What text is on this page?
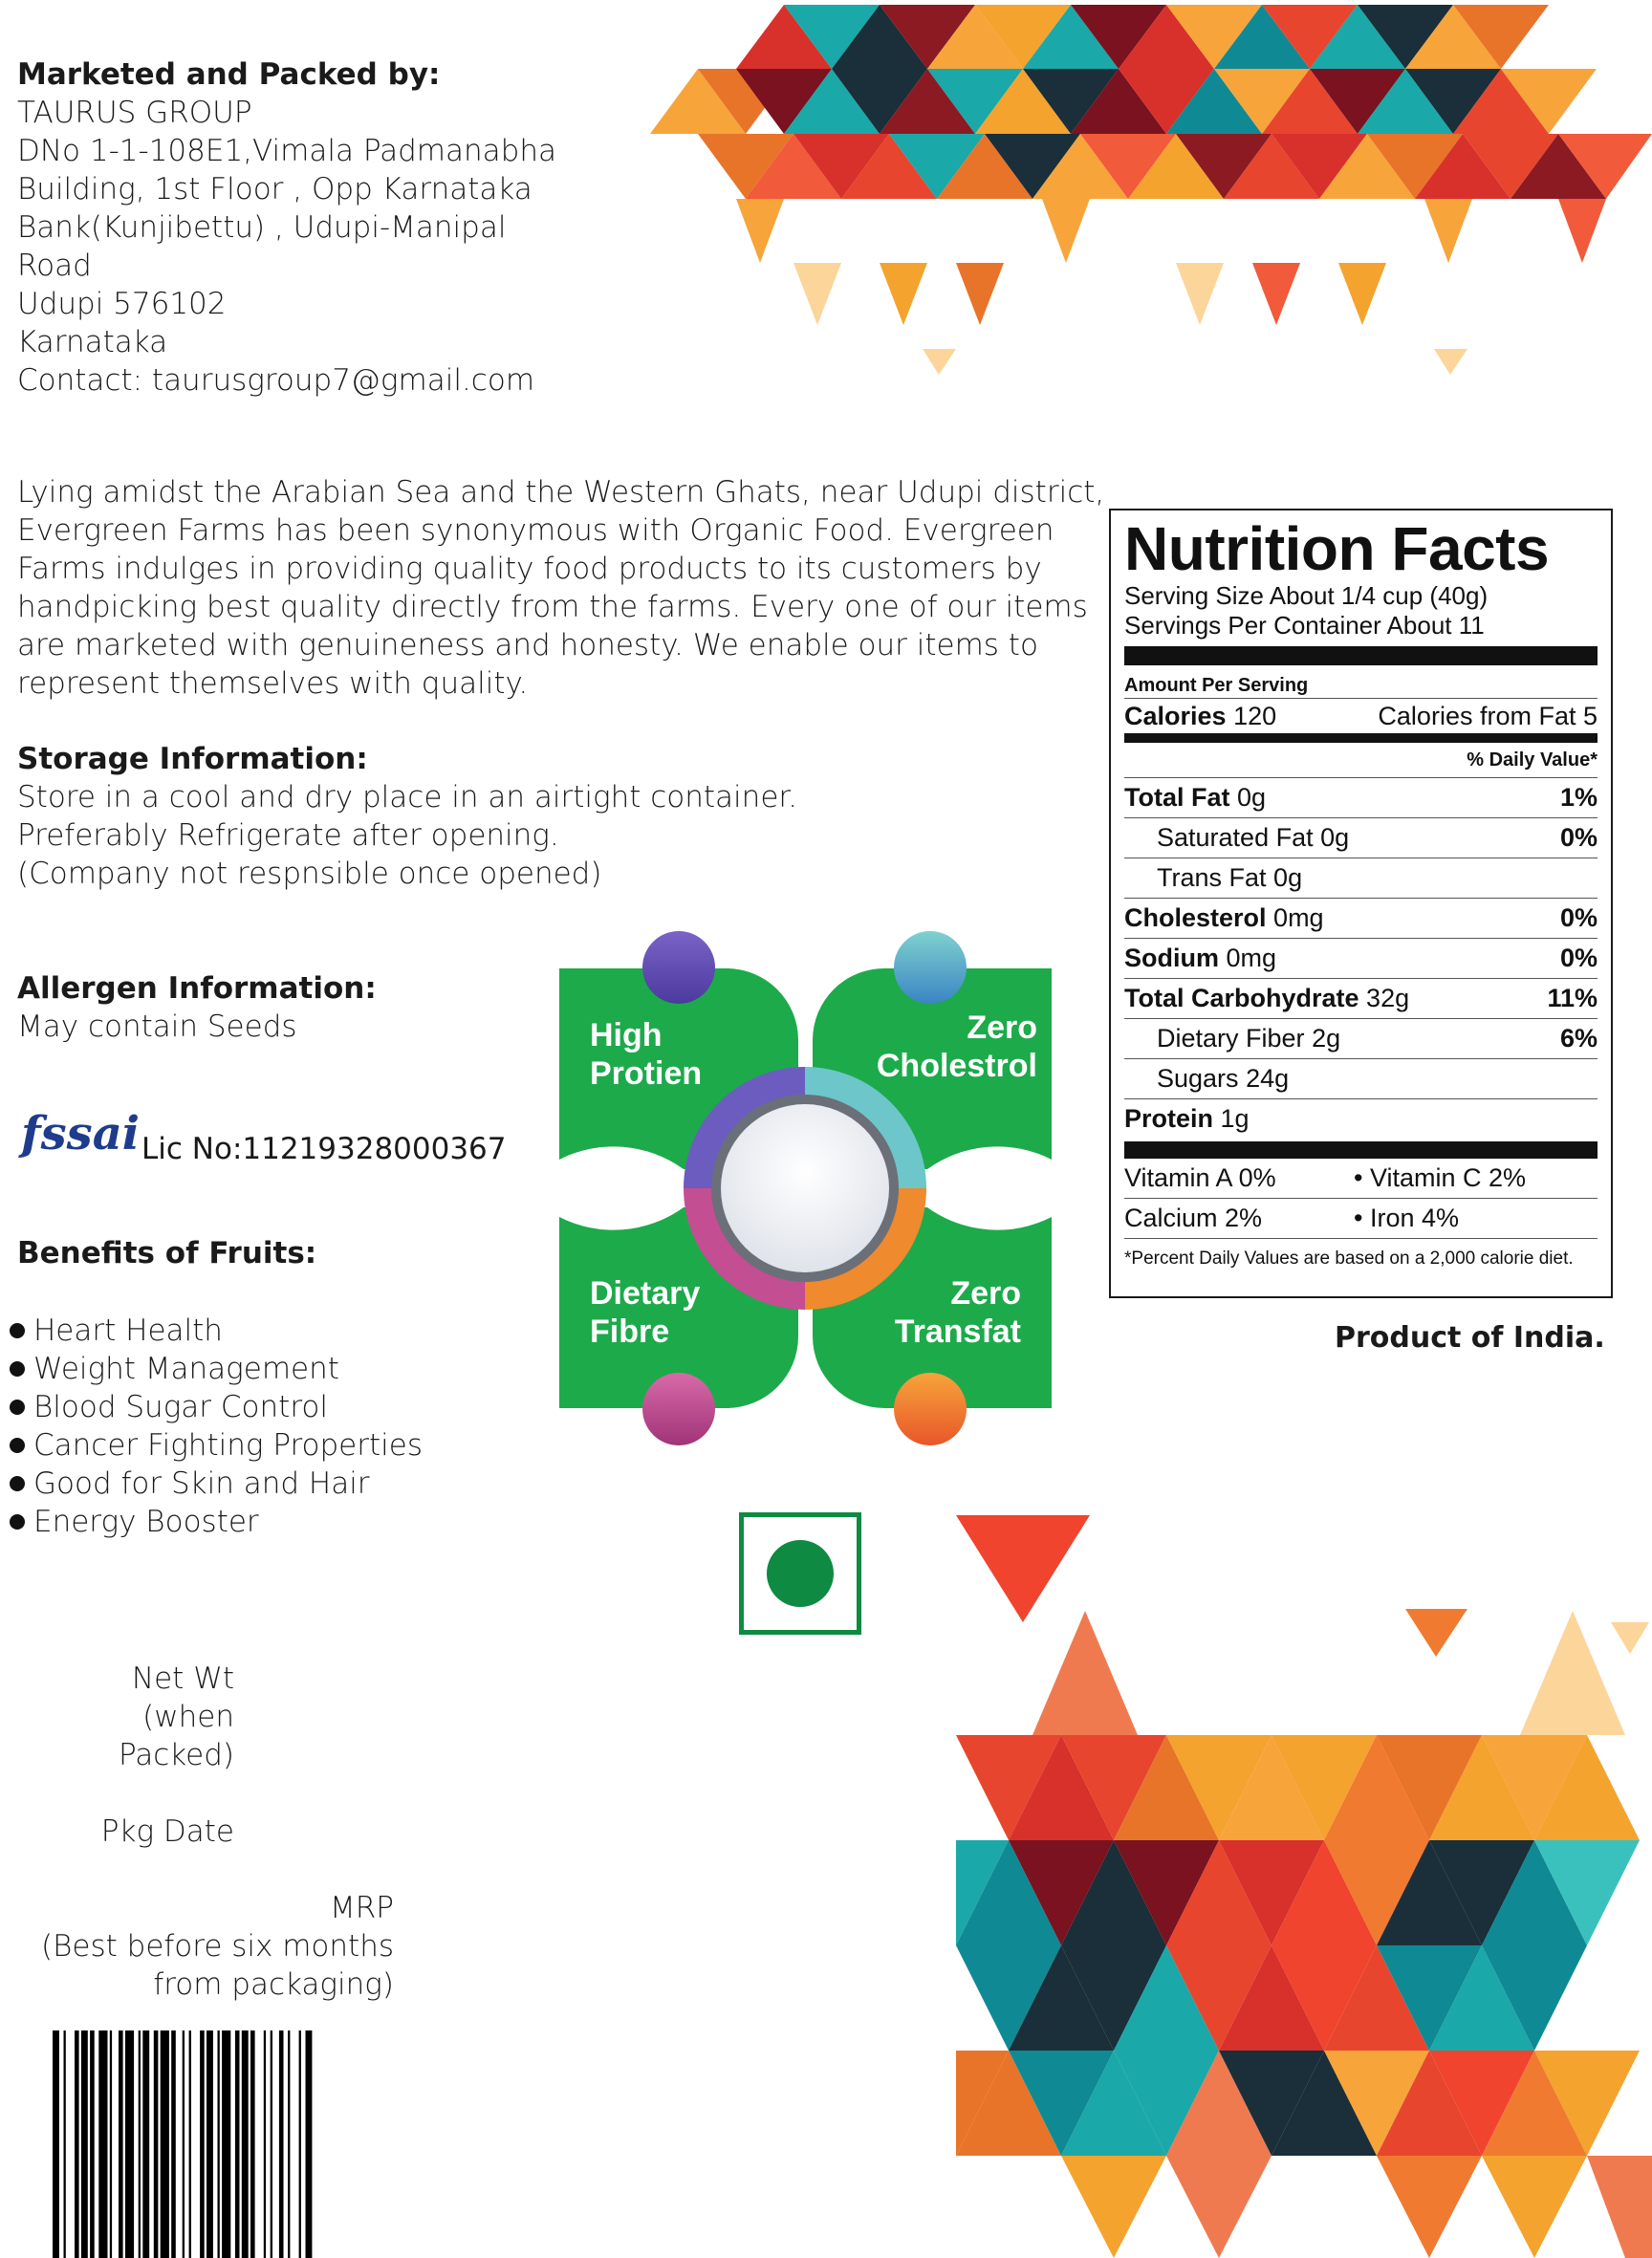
Marketed and Packed by:
TAURUS GROUP
DNo 1-1-108E1,Vimala Padmanabha
Building, 1st Floor , Opp Karnataka
Bank(Kunjibettu) , Udupi-Manipal
Road
Udupi 576102
Karnataka
Contact: taurusgroup7@gmail.com
Lying amidst the Arabian Sea and the Western Ghats, near Udupi district,
Evergreen Farms has been synonymous with Organic Food. Evergreen
Farms indulges in providing quality food products to its customers by
handpicking best quality directly from the farms. Every one of our items
are marketed with genuineness and honesty. We enable our items to
represent themselves with quality.
Storage Information:
Store in a cool and dry place in an airtight container.
Preferably Refrigerate after opening.
(Company not respnsible once opened)
Allergen Information:
May contain Seeds
fssai Lic No:11219328000367
Benefits of Fruits:
Heart Health
Weight Management
Blood Sugar Control
Cancer Fighting Properties
Good for Skin and Hair
Energy Booster
High
Protien
Zero
Cholestrol
Dietary
Fibre
Zero
Transfat
Nutrition Facts
Serving Size About 1/4 cup (40g)
Servings Per Container About 11
Amount Per Serving
Calories 120	Calories from Fat 5
% Daily Value*
Total Fat 0g	1%
Saturated Fat 0g	0%
Trans Fat 0g
Cholesterol 0mg	0%
Sodium 0mg	0%
Total Carbohydrate 32g	11%
Dietary Fiber 2g	6%
Sugars 24g
Protein 1g
Vitamin A 0%	• Vitamin C 2%
Calcium 2%	• Iron 4%
*Percent Daily Values are based on a 2,000 calorie diet.
Product of India.
Net Wt
(when
Packed)
Pkg Date
MRP
(Best before six months
from packaging)
